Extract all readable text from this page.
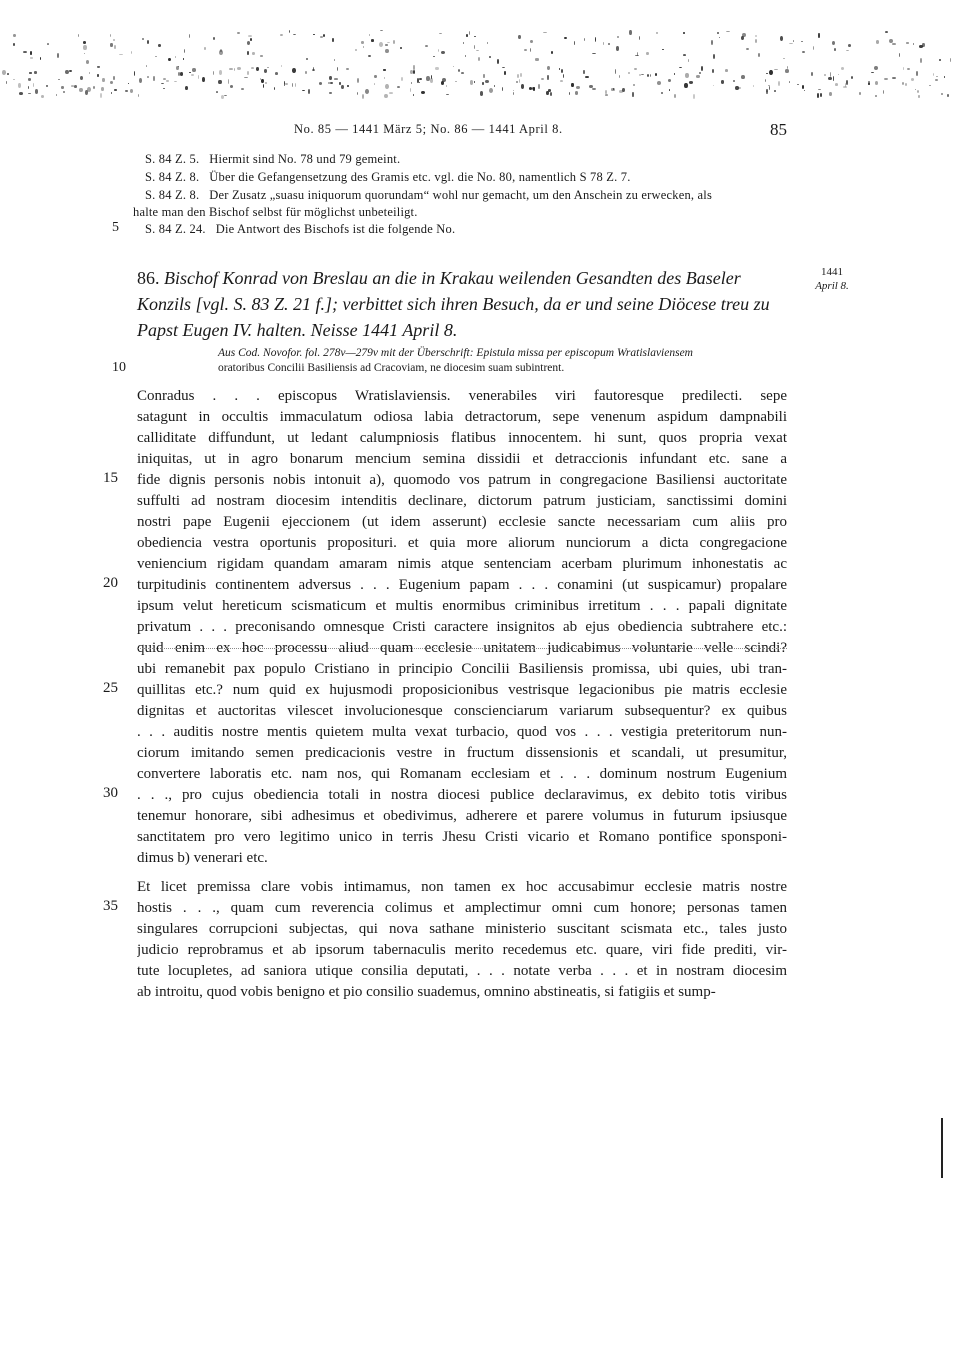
No. 85 — 1441 März 5; No. 86 — 1441 April 8.	85
S. 84 Z. 5. Hiermit sind No. 78 und 79 gemeint.
S. 84 Z. 8. Über die Gefangensetzung des Gramis etc. vgl. die No. 80, namentlich S 78 Z. 7.
S. 84 Z. 8. Der Zusatz „suasu iniquorum quorundam“ wohl nur gemacht, um den Anschein zu erwecken, als
halte man den Bischof selbst für möglichst unbeteiligt.
5 S. 84 Z. 24. Die Antwort des Bischofs ist die folgende No.
86. Bischof Konrad von Breslau an die in Krakau weilenden Gesandten des Baseler
Konzils [vgl. S. 83 Z. 21 f.]; verbittet sich ihren Besuch, da er und seine Diöcese treu zu
Papst Eugen IV. halten. Neisse 1441 April 8.
1441
April 8.
Aus Cod. Novofor. fol. 278v—279v mit der Überschrift: Epistula missa per episcopum Wratislaviensem
oratoribus Concilii Basiliensis ad Cracoviam, ne diocesim suam subintrent.
10
Conradus . . . episcopus Wratislaviensis. venerabiles viri fautoresque predilecti. sepe
satagunt in occultis immaculatum odiosa labia detractorum, sepe venenum aspidum dampnabili
calliditate diffundunt, ut ledant calumpniosis flatibus innocentem. hi sunt, quos propria vexat
iniquitas, ut in agro bonarum mencium semina dissidii et detraccionis infundant etc. sane a
fide dignis personis nobis intonuit a), quomodo vos patrum in congregacione Basiliensi auctoritate
suffulti ad nostram diocesim intenditis declinare, dictorum patrum justiciam, sanctissimi domini
nostri pape Eugenii ejeccionem (ut idem asserunt) ecclesie sancte necessariam cum aliis pro
obediencia vestra oportunis propositurі. et quia more aliorum nunciorum a dicta congregacione
veniencium rigidam quandam amaram nimis atque sentenciam acerbam plurimum inhonestatis ac
turpitudinis continentem adversus . . . Eugenium papam . . . conamini (ut suspicamur) propalare
ipsum velut hereticum scismaticum et multis enormibus criminibus irretitum . . . papali dignitate
privatum . . . preconisando omnesque Cristi caractere insignitos ab ejus obediencia subtrahere etc.:
quid enim ex hoc processu aliud quam ecclesie unitatem judicabimus voluntarie velle scindi?
ubi remanebit pax populo Cristiano in principio Concilii Basiliensis promissa, ubi quies, ubi tran-
quillitas etc.? num quid ex hujusmodi proposicionibus vestrisque legacionibus pie matris ecclesie
dignitas et auctoritas vilescet involucionesque consciencіarum variarum subsequentur? ex quibus
. . . auditis nostre mentis quietem multa vexat turbacio, quod vos . . . vestigia preteritorum nun-
ciorum imitando semen predicacionis vestre in fructum dissensionis et scandali, ut presumitur,
convertere laboratis etc. nam nos, qui Romanam ecclesiam et . . . dominum nostrum Eugenium
. . ., pro cujus obediencia totali in nostra diocesi publice declaravimus, ex debito totis viribus
tenemur honorare, sibi adhesimus et obedivimus, adherere et parere volumus in futurum ipsiusque
sanctitatem pro vero legitimo unico in terris Jhesu Cristi vicario et Romano pontifice sponsponi-
dimus b) venerari etc.
Et licet premissa clare vobis intimamus, non tamen ex hoc accusabimur ecclesie matris nostre
hostis . . ., quam cum reverencia colimus et amplectimur omni cum honore; personas tamen
singulares corrupcioni subjectas, qui nova sathane ministerio suscitant scismata etc., tales justo
judicio reprobramus et ab ipsorum tabernaculis merito recedemus etc. quare, viri fide prediti, vir-
tute locupletes, ad saniora utique consilia deputati, . . . notate verba . . . et in nostram diocesim
ab introitu, quod vobis benigno et pio consilio suademus, omnino abstineatis, si fatigiis et sump-
15
20
25
30
35
